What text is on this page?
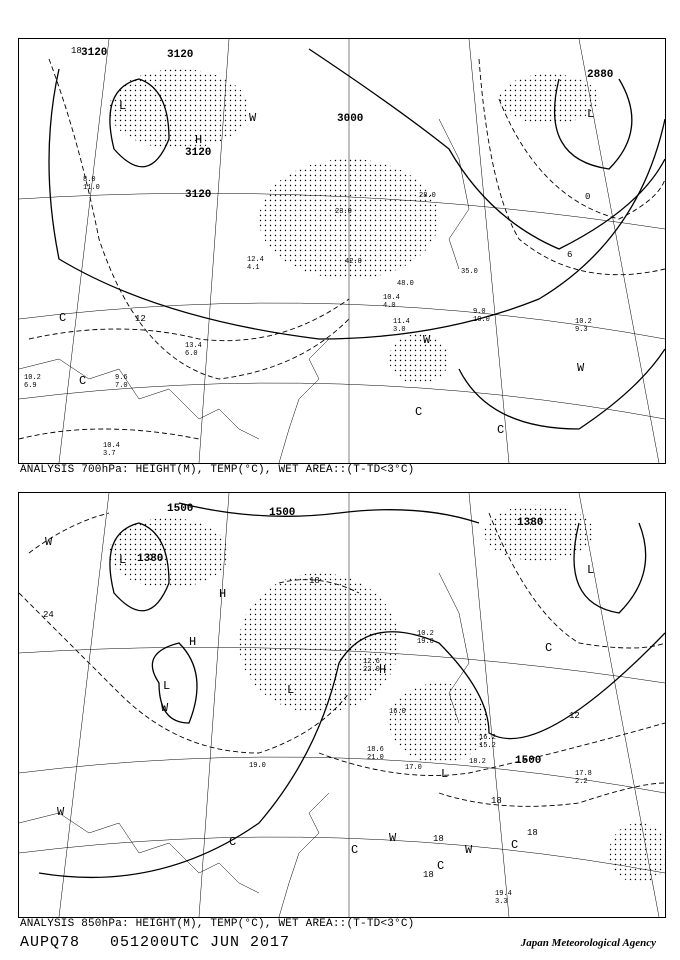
3120	3120
3120
3120
3000
2880
18
12
6
0
L
H
L
W
C
C
C
W
C
W
10.4
3.7
9.6
7.0
10.2
9.3
11.4
3.0
10.4
4.0
9.0
10.0
13.4
6.0
12.4
4.1
10.2
6.9
8.0
11.0
42.0
35.0
48.0
23.0
28.0
ANALYSIS 700hPa: HEIGHT(M), TEMP(°C), WET AREA::(T-TD<3°C)
1500
1380
1500
1380
1500
24
18
12
18
18
18
18
L
H
H
L
W
L
H
L
L
W
C
C
W
C
C
W
W
C
19.4
3.3
17.8
2.2
18.6
21.0
17.0
16.0
10.2
19.0
12.6
22.0
19.0	18.2
16.2
15.2
ANALYSIS 850hPa: HEIGHT(M), TEMP(°C), WET AREA::(T-TD<3°C)
AUPQ78 051200UTC JUN 2017	Japan Meteorological Agency
